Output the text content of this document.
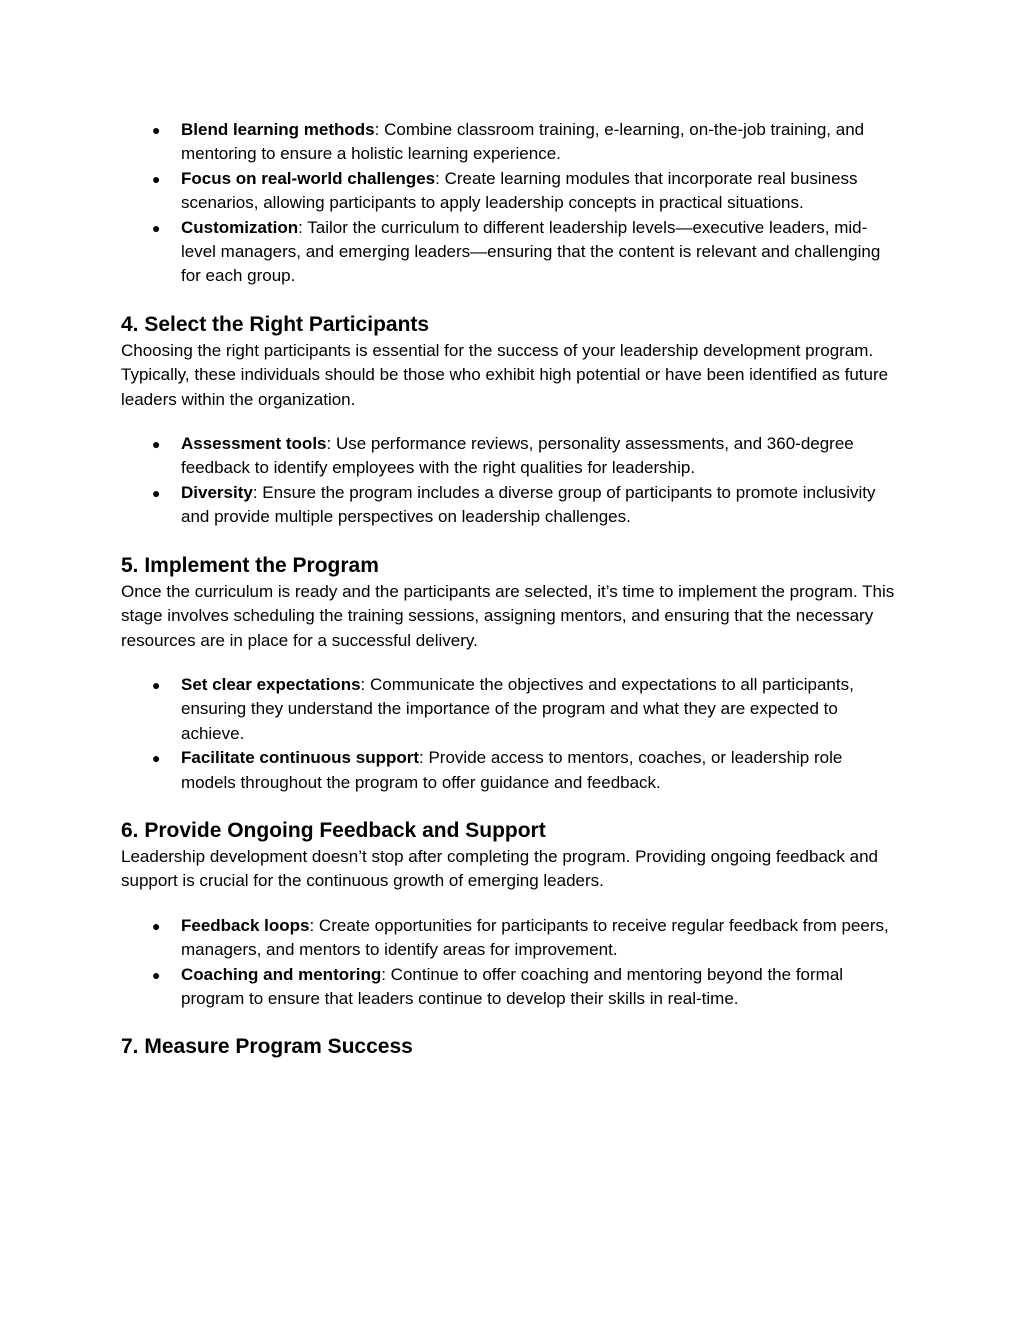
● Blend learning methods: Combine classroom training, e-learning, on-the-job training, and mentoring to ensure a holistic learning experience.
● Focus on real-world challenges: Create learning modules that incorporate real business scenarios, allowing participants to apply leadership concepts in practical situations.
● Customization: Tailor the curriculum to different leadership levels—executive leaders, mid-level managers, and emerging leaders—ensuring that the content is relevant and challenging for each group.
4. Select the Right Participants

Choosing the right participants is essential for the success of your leadership development program. Typically, these individuals should be those who exhibit high potential or have been identified as future leaders within the organization.

● Assessment tools: Use performance reviews, personality assessments, and 360-degree feedback to identify employees with the right qualities for leadership.
● Diversity: Ensure the program includes a diverse group of participants to promote inclusivity and provide multiple perspectives on leadership challenges.
5. Implement the Program

Once the curriculum is ready and the participants are selected, it’s time to implement the program. This stage involves scheduling the training sessions, assigning mentors, and ensuring that the necessary resources are in place for a successful delivery.

● Set clear expectations: Communicate the objectives and expectations to all participants, ensuring they understand the importance of the program and what they are expected to achieve.
● Facilitate continuous support: Provide access to mentors, coaches, or leadership role models throughout the program to offer guidance and feedback.
6. Provide Ongoing Feedback and Support

Leadership development doesn’t stop after completing the program. Providing ongoing feedback and support is crucial for the continuous growth of emerging leaders.

● Feedback loops: Create opportunities for participants to receive regular feedback from peers, managers, and mentors to identify areas for improvement.
● Coaching and mentoring: Continue to offer coaching and mentoring beyond the formal program to ensure that leaders continue to develop their skills in real-time.
7. Measure Program Success
